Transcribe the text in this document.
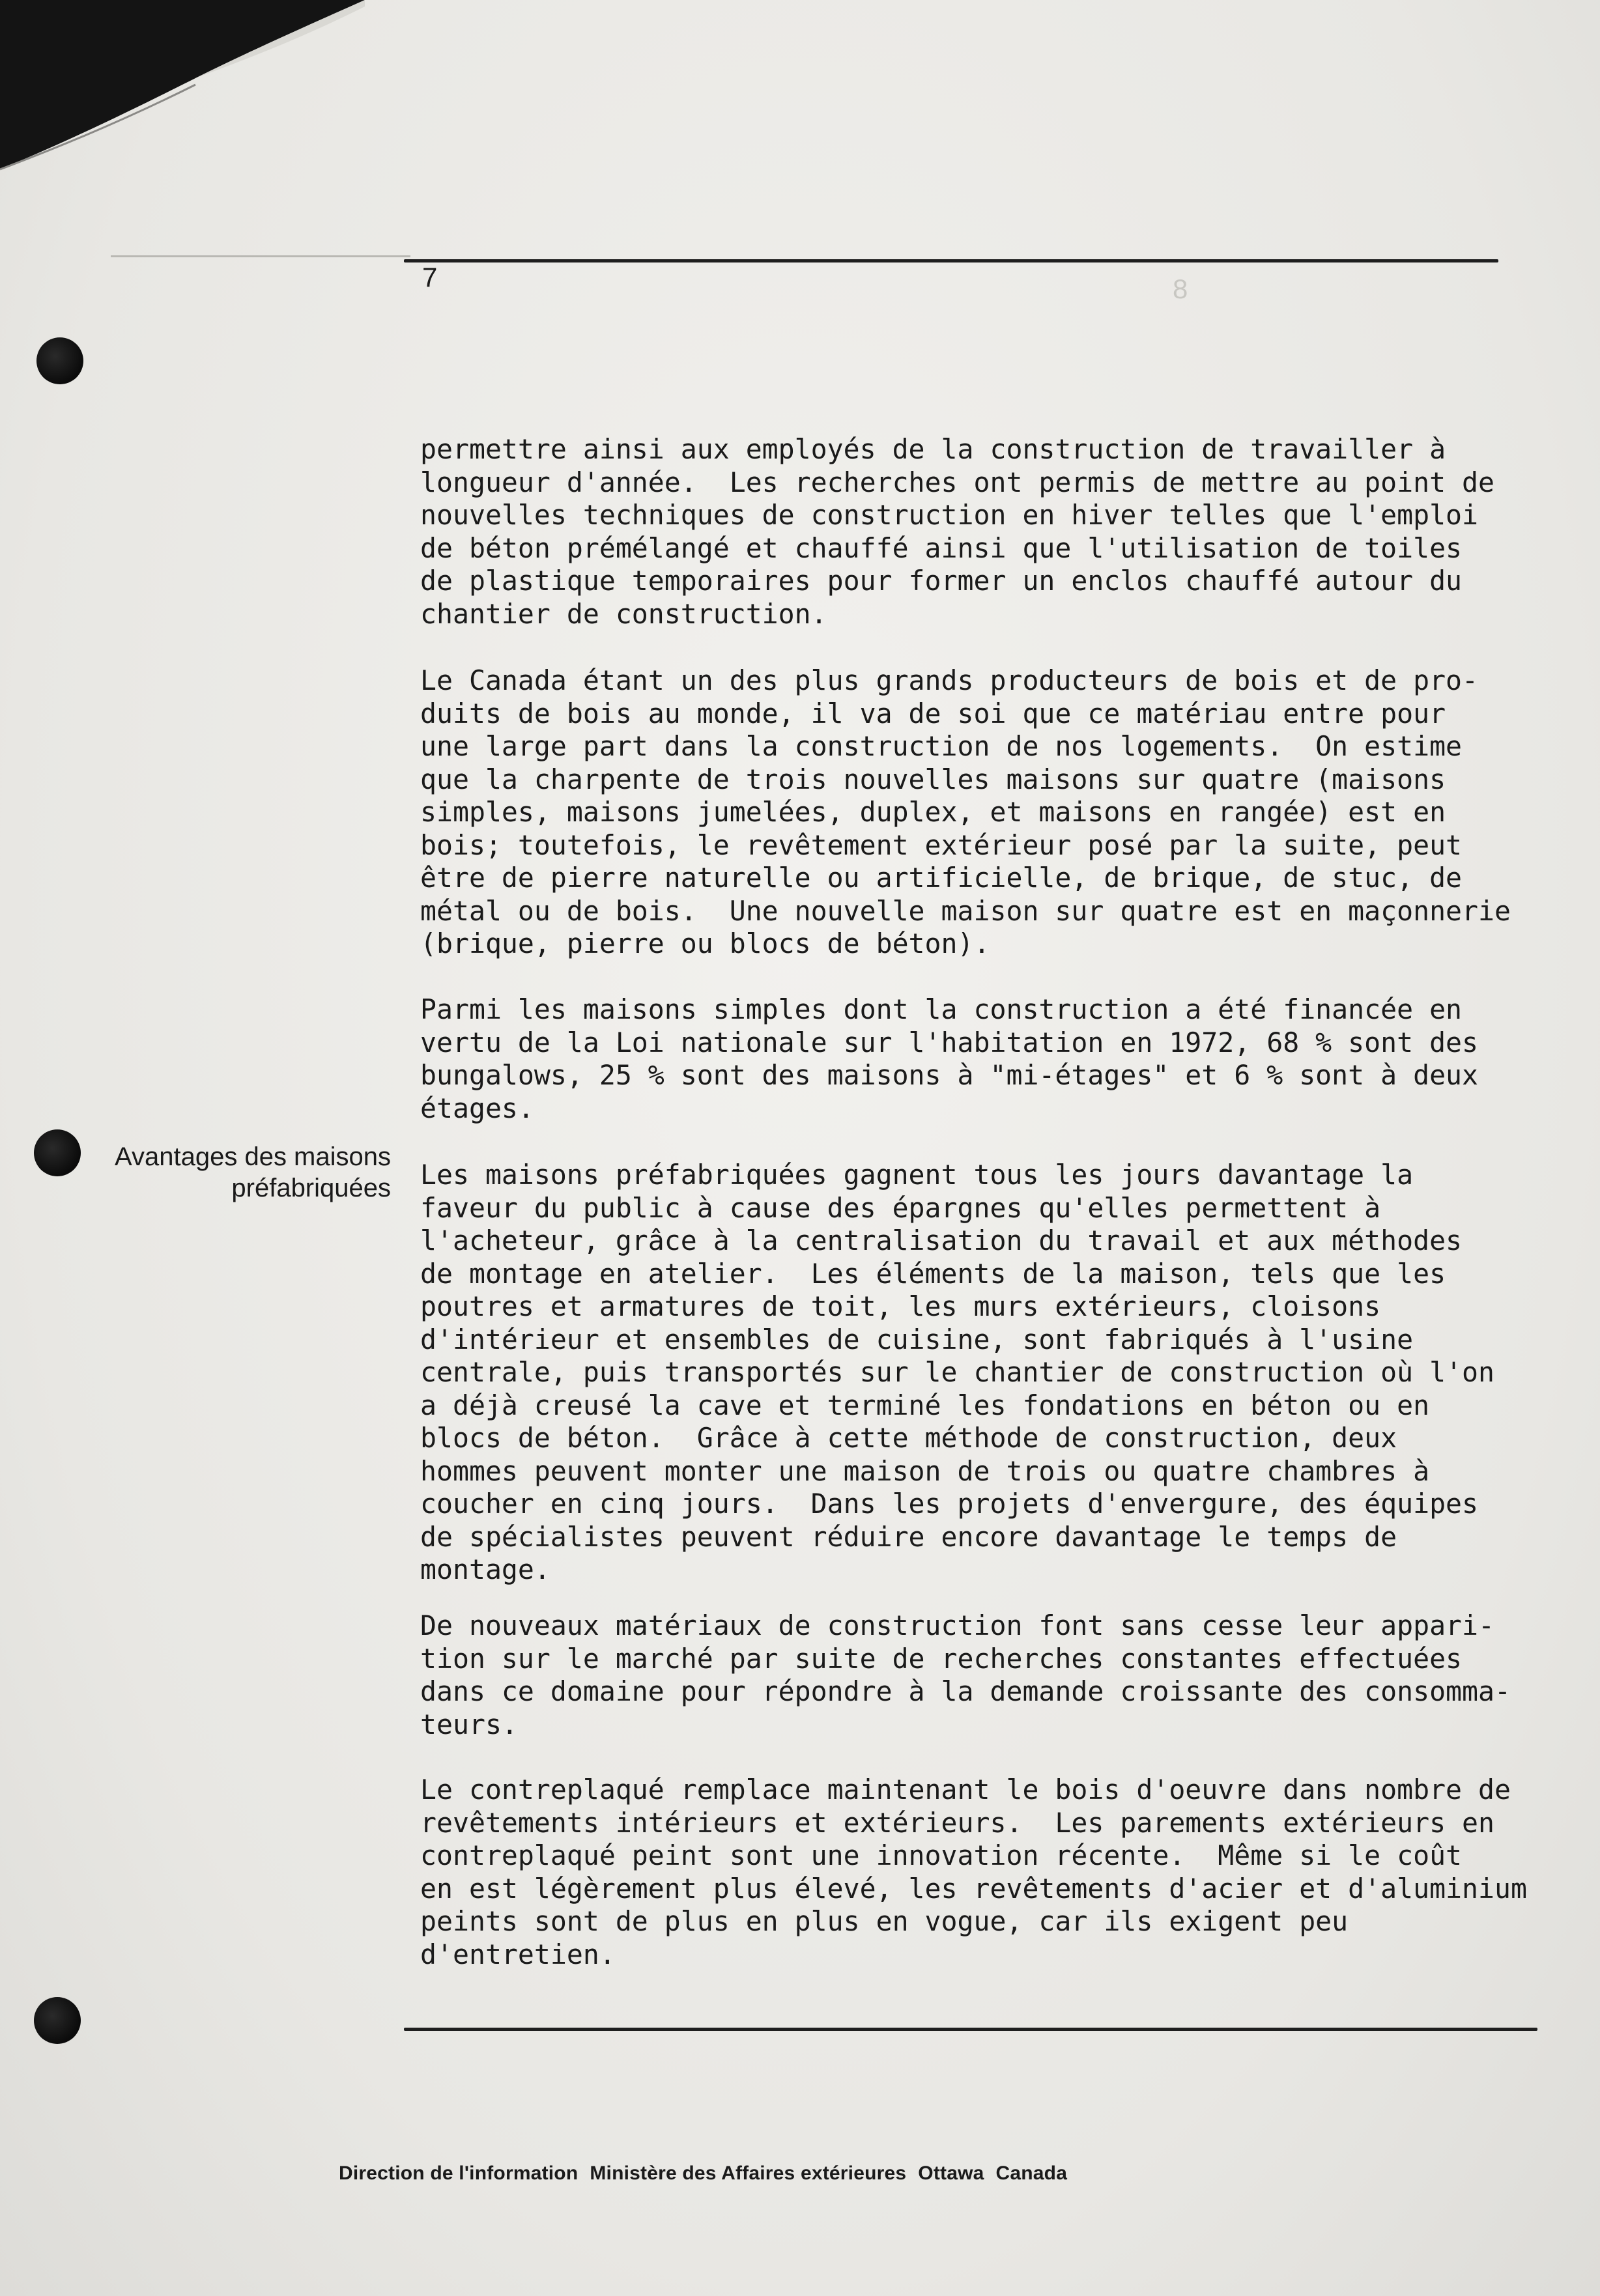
7	8

permettre ainsi aux employés de la construction de travailler à
longueur d'année.  Les recherches ont permis de mettre au point de
nouvelles techniques de construction en hiver telles que l'emploi
de béton prémélangé et chauffé ainsi que l'utilisation de toiles
de plastique temporaires pour former un enclos chauffé autour du
chantier de construction.

Le Canada étant un des plus grands producteurs de bois et de pro-
duits de bois au monde, il va de soi que ce matériau entre pour
une large part dans la construction de nos logements.  On estime
que la charpente de trois nouvelles maisons sur quatre (maisons
simples, maisons jumelées, duplex, et maisons en rangée) est en
bois; toutefois, le revêtement extérieur posé par la suite, peut
être de pierre naturelle ou artificielle, de brique, de stuc, de
métal ou de bois.  Une nouvelle maison sur quatre est en maçonnerie
(brique, pierre ou blocs de béton).

Parmi les maisons simples dont la construction a été financée en
vertu de la Loi nationale sur l'habitation en 1972, 68 % sont des
bungalows, 25 % sont des maisons à "mi-étages" et 6 % sont à deux
étages.

Avantages des maisons
préfabriquées Les maisons préfabriquées gagnent tous les jours davantage la
faveur du public à cause des épargnes qu'elles permettent à
l'acheteur, grâce à la centralisation du travail et aux méthodes
de montage en atelier.  Les éléments de la maison, tels que les
poutres et armatures de toit, les murs extérieurs, cloisons
d'intérieur et ensembles de cuisine, sont fabriqués à l'usine
centrale, puis transportés sur le chantier de construction où l'on
a déjà creusé la cave et terminé les fondations en béton ou en
blocs de béton.  Grâce à cette méthode de construction, deux
hommes peuvent monter une maison de trois ou quatre chambres à
coucher en cinq jours.  Dans les projets d'envergure, des équipes
de spécialistes peuvent réduire encore davantage le temps de
montage.

De nouveaux matériaux de construction font sans cesse leur appari-
tion sur le marché par suite de recherches constantes effectuées
dans ce domaine pour répondre à la demande croissante des consomma-
teurs.

Le contreplaqué remplace maintenant le bois d'oeuvre dans nombre de
revêtements intérieurs et extérieurs.  Les parements extérieurs en
contreplaqué peint sont une innovation récente.  Même si le coût
en est légèrement plus élevé, les revêtements d'acier et d'aluminium
peints sont de plus en plus en vogue, car ils exigent peu
d'entretien.

Direction de l'information Ministère des Affaires extérieures Ottawa Canada
